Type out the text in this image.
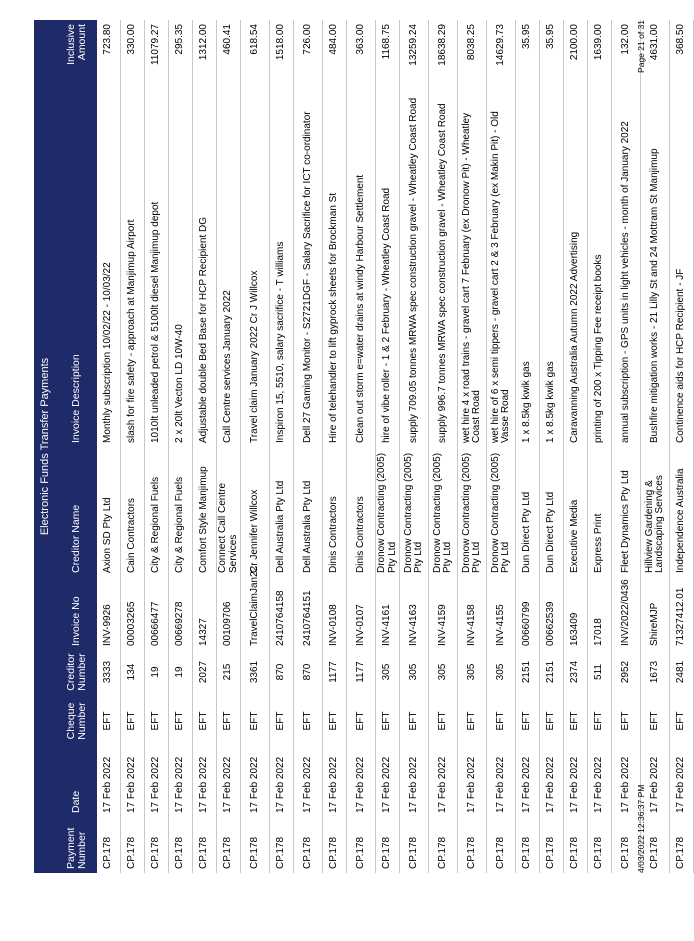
Electronic Funds Transfer Payments
Payment Number
Date
Cheque Number
Creditor Number
Invoice No
Creditor Name
Invoice Description
Inclusive Amount
CP.178
17 Feb 2022
EFT
3333
INV-9926
Axion SD Pty Ltd
Monthly subscription 10/02/22 - 10/03/22
723.80
CP.178
17 Feb 2022
EFT
134
00003265
Cain Contractors
slash for fire safety - approach at Manjimup Airport
330.00
CP.178
17 Feb 2022
EFT
19
00666477
City & Regional Fuels
1010lt unleaded petrol & 5100lt diesel Manjimup depot
11079.27
CP.178
17 Feb 2022
EFT
19
00669278
City & Regional Fuels
2 x 20lt Vecton LD 10W-40
295.35
CP.178
17 Feb 2022
EFT
2027
14327
Comfort Style Manjimup
Adjustable double Bed Base for HCP Recipient DG
1312.00
CP.178
17 Feb 2022
EFT
215
00109706
Connect Call Centre Services
Call Centre services January 2022
460.41
CP.178
17 Feb 2022
EFT
3361
TravelClaimJan22
Cr Jennifer Willcox
Travel claim January 2022 Cr J Willcox
618.54
CP.178
17 Feb 2022
EFT
870
2410764158
Dell Australia Pty Ltd
Inspiron 15, 5510, salary sacrifice - T williams
1518.00
CP.178
17 Feb 2022
EFT
870
2410764151
Dell Australia Pty Ltd
Dell 27 Gaming Monitor - S2721DGF - Salary Sacrifice for ICT co-ordinator
726.00
CP.178
17 Feb 2022
EFT
1177
INV-0108
Dinis Contractors
Hire of telehandler to lift gyprock sheets for Brockman St
484.00
CP.178
17 Feb 2022
EFT
1177
INV-0107
Dinis Contractors
Clean out storm e=water drains at windy Harbour Settlement
363.00
CP.178
17 Feb 2022
EFT
305
INV-4161
Dronow Contracting (2005) Pty Ltd
hire of vibe roller - 1 & 2 February - Wheatley Coast Road
1168.75
CP.178
17 Feb 2022
EFT
305
INV-4163
Dronow Contracting (2005) Pty Ltd
supply 709.05 tonnes MRWA spec construction gravel - Wheatley Coast Road
13259.24
CP.178
17 Feb 2022
EFT
305
INV-4159
Dronow Contracting (2005) Pty Ltd
supply 996.7 tonnes MRWA spec construction gravel - Wheatley Coast Road
18638.29
CP.178
17 Feb 2022
EFT
305
INV-4158
Dronow Contracting (2005) Pty Ltd
wet hire 4 x road trains - gravel cart 7 February (ex Dronow Pit) - Wheatley Coast Road
8038.25
CP.178
17 Feb 2022
EFT
305
INV-4155
Dronow Contracting (2005) Pty Ltd
wet hire of 6 x semi tippers - gravel cart 2 & 3 February (ex Makin Pit) - Old Vasse Road
14629.73
CP.178
17 Feb 2022
EFT
2151
00660799
Dun Direct Pty Ltd
1 x 8.5kg kwik gas
35.95
CP.178
17 Feb 2022
EFT
2151
00662539
Dun Direct Pty Ltd
1 x 8.5kg kwik gas
35.95
CP.178
17 Feb 2022
EFT
2374
163409
Executive Media
Caravanning Australia Autumn 2022 Advertising
2100.00
CP.178
17 Feb 2022
EFT
511
17018
Express Print
printing of 200 x Tipping Fee receipt books
1639.00
CP.178
17 Feb 2022
EFT
2952
INV/2022/0436
Fleet Dynamics Pty Ltd
annual subscription - GPS units in light vehicles - month of January 2022
132.00
CP.178
17 Feb 2022
EFT
1673
ShireMJP
Hillview Gardening & Landscaping Services
Bushfire mitigation works - 21 Lilly St and 24 Mottram St Manjimup
4631.00
CP.178
17 Feb 2022
EFT
2481
71327412.01
Independence Australia
Continence aids for HCP Recipient - JF
368.50
4/03/2022 12:36:37 PM
Page 21 of 31
